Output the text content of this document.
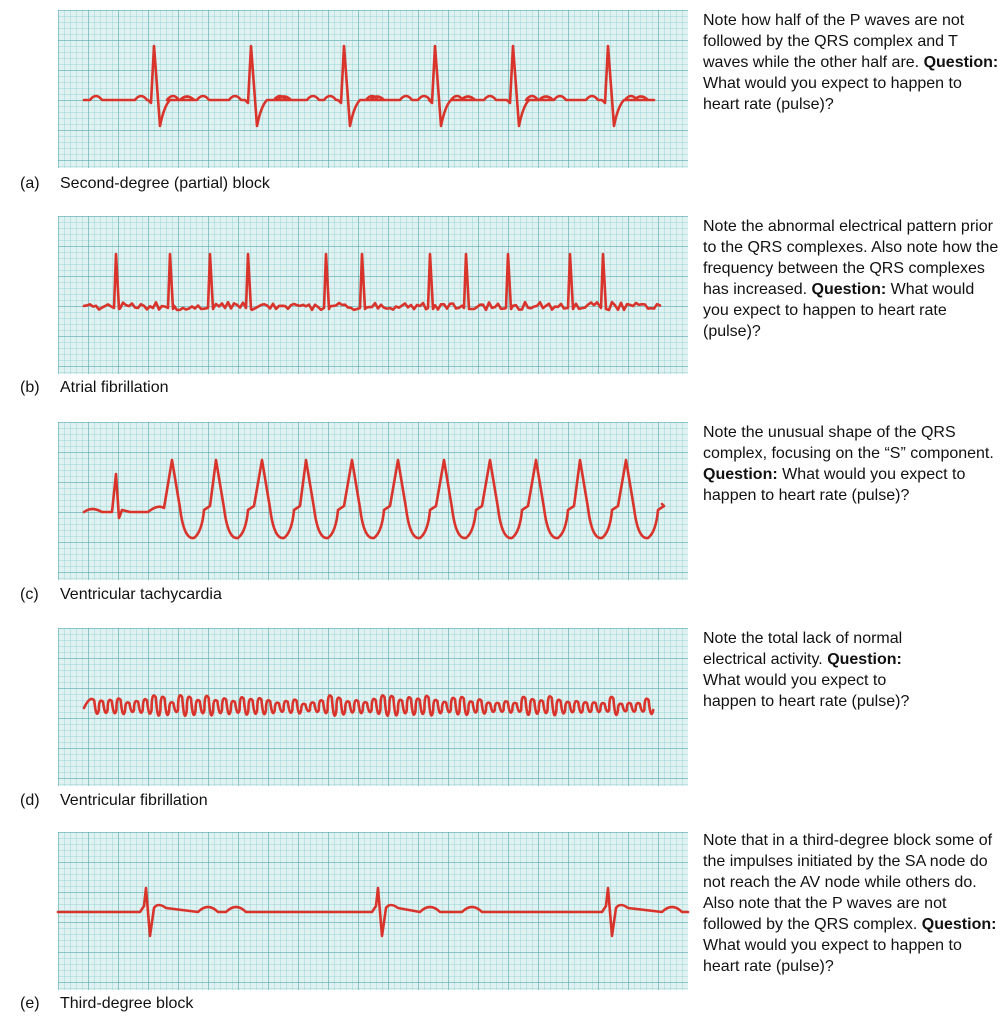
(a) Second-degree (partial) block
Note how half of the P waves are not followed by the QRS complex and T waves while the other half are. Question: What would you expect to happen to heart rate (pulse)?
(b) Atrial fibrillation
Note the abnormal electrical pattern prior to the QRS complexes. Also note how the frequency between the QRS complexes has increased. Question: What would you expect to happen to heart rate (pulse)?
(c) Ventricular tachycardia
Note the unusual shape of the QRS complex, focusing on the “S” component. Question: What would you expect to happen to heart rate (pulse)?
(d) Ventricular fibrillation
Note the total lack of normal electrical activity. Question: What would you expect to happen to heart rate (pulse)?
(e) Third-degree block
Note that in a third-degree block some of the impulses initiated by the SA node do not reach the AV node while others do. Also note that the P waves are not followed by the QRS complex. Question: What would you expect to happen to heart rate (pulse)?
